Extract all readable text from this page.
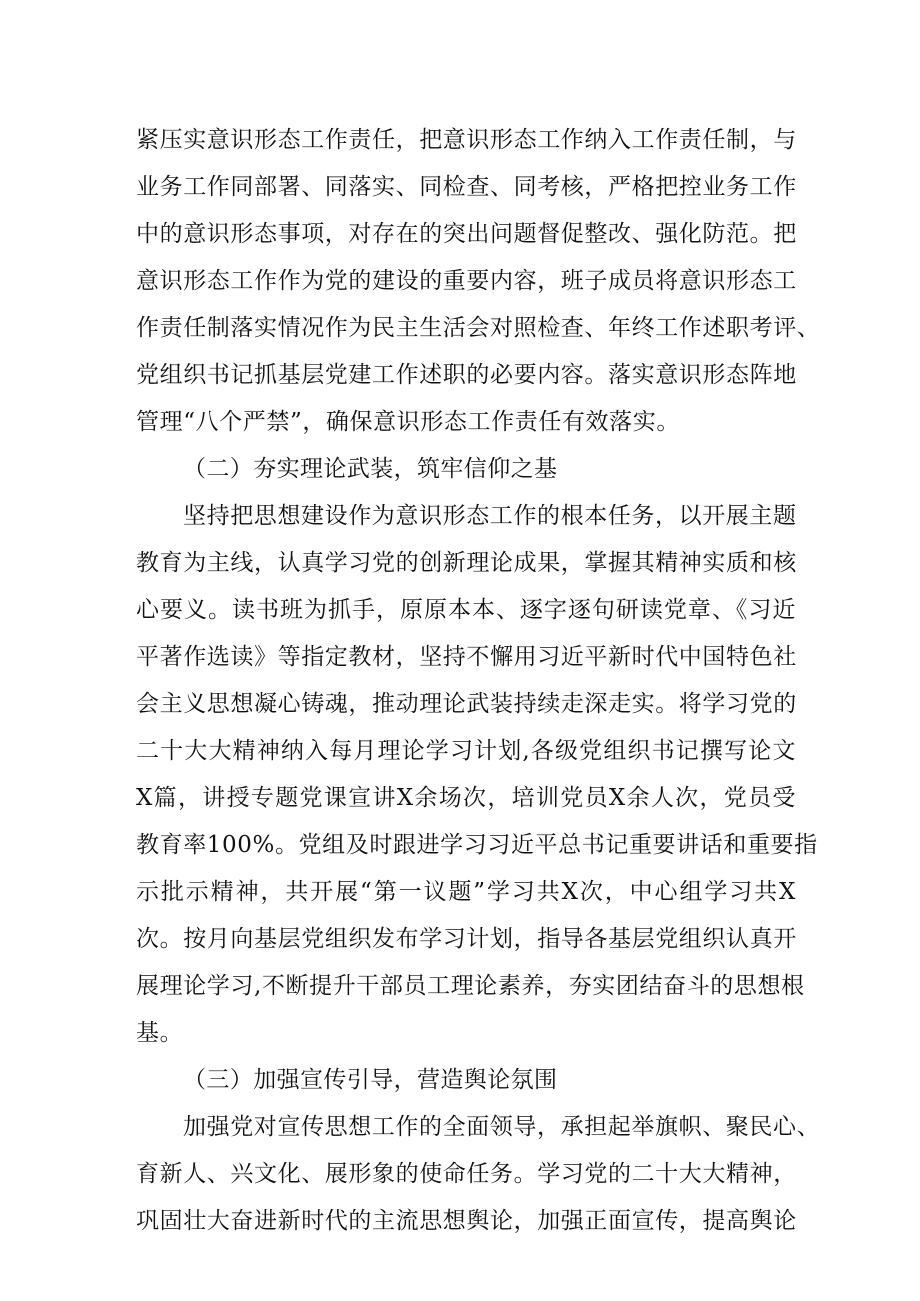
紧压实意识形态工作责任，把意识形态工作纳入工作责任制，与
业务工作同部署、同落实、同检查、同考核，严格把控业务工作
中的意识形态事项，对存在的突出问题督促整改、强化防范。把
意识形态工作作为党的建设的重要内容，班子成员将意识形态工
作责任制落实情况作为民主生活会对照检查、年终工作述职考评、
党组织书记抓基层党建工作述职的必要内容。落实意识形态阵地
管理“八个严禁”，确保意识形态工作责任有效落实。
（二）夯实理论武装，筑牢信仰之基
坚持把思想建设作为意识形态工作的根本任务，以开展主题
教育为主线，认真学习党的创新理论成果，掌握其精神实质和核
心要义。读书班为抓手，原原本本、逐字逐句研读党章、《习近
平著作选读》等指定教材，坚持不懈用习近平新时代中国特色社
会主义思想凝心铸魂，推动理论武装持续走深走实。将学习党的
二十大大精神纳入每月理论学习计划,各级党组织书记撰写论文
X篇，讲授专题党课宣讲X余场次，培训党员X余人次，党员受
教育率100%。党组及时跟进学习习近平总书记重要讲话和重要指
示批示精神，共开展“第一议题”学习共X次，中心组学习共X
次。按月向基层党组织发布学习计划，指导各基层党组织认真开
展理论学习,不断提升干部员工理论素养，夯实团结奋斗的思想根
基。
（三）加强宣传引导，营造舆论氛围
加强党对宣传思想工作的全面领导，承担起举旗帜、聚民心、
育新人、兴文化、展形象的使命任务。学习党的二十大大精神，
巩固壮大奋进新时代的主流思想舆论，加强正面宣传，提高舆论
